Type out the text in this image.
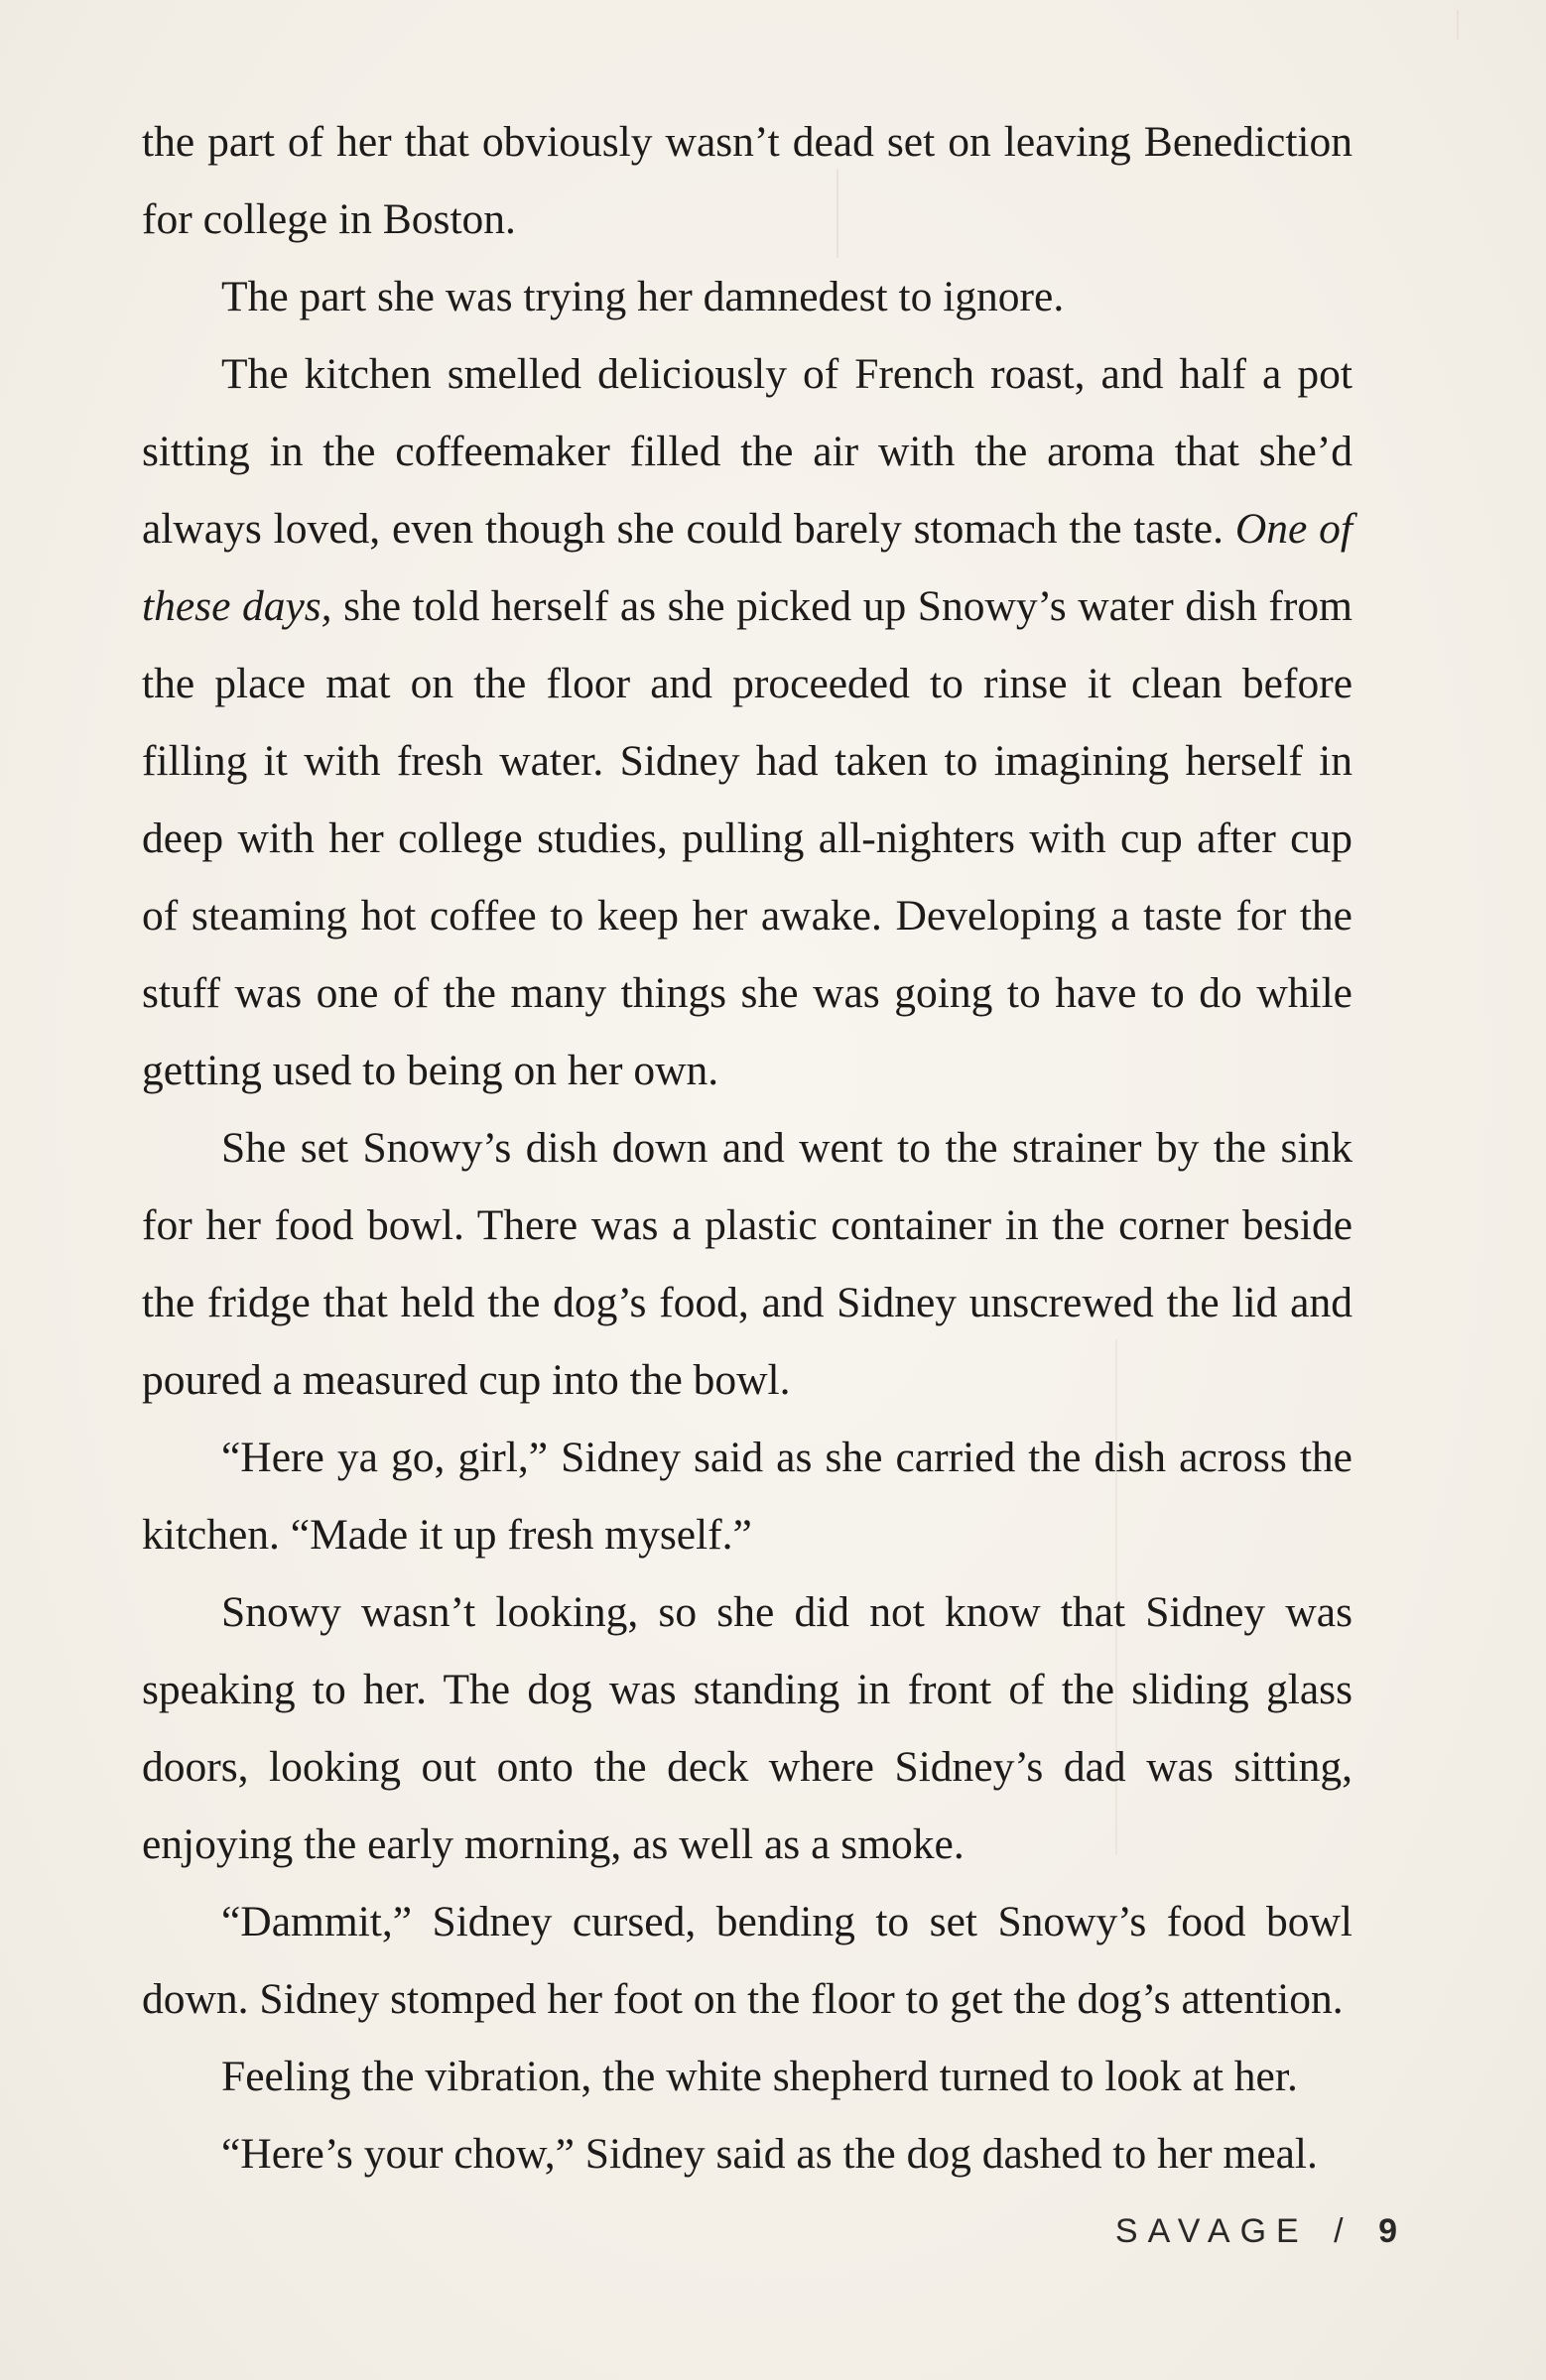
the part of her that obviously wasn’t dead set on leaving Benediction for college in Boston.

The part she was trying her damnedest to ignore.

The kitchen smelled deliciously of French roast, and half a pot sitting in the coffeemaker filled the air with the aroma that she’d always loved, even though she could barely stomach the taste. One of these days, she told herself as she picked up Snowy’s water dish from the place mat on the floor and proceeded to rinse it clean before filling it with fresh water. Sidney had taken to imagining herself in deep with her college studies, pulling all-nighters with cup after cup of steaming hot coffee to keep her awake. Developing a taste for the stuff was one of the many things she was going to have to do while getting used to being on her own.

She set Snowy’s dish down and went to the strainer by the sink for her food bowl. There was a plastic container in the corner beside the fridge that held the dog’s food, and Sidney unscrewed the lid and poured a measured cup into the bowl.

“Here ya go, girl,” Sidney said as she carried the dish across the kitchen. “Made it up fresh myself.”

Snowy wasn’t looking, so she did not know that Sidney was speaking to her. The dog was standing in front of the sliding glass doors, looking out onto the deck where Sidney’s dad was sitting, enjoying the early morning, as well as a smoke.

“Dammit,” Sidney cursed, bending to set Snowy’s food bowl down. Sidney stomped her foot on the floor to get the dog’s attention.

Feeling the vibration, the white shepherd turned to look at her.

“Here’s your chow,” Sidney said as the dog dashed to her meal.

SAVAGE / 9
